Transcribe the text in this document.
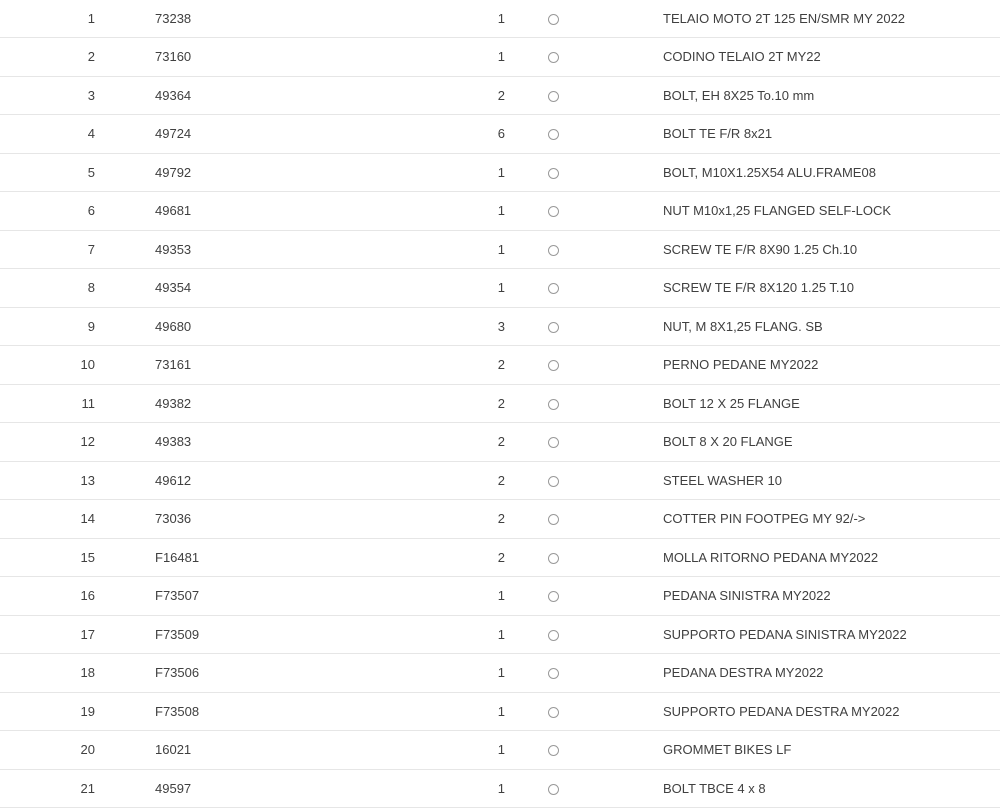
1	73238	1		TELAIO MOTO 2T 125 EN/SMR MY 2022
2	73160	1		CODINO TELAIO 2T MY22
3	49364	2		BOLT, EH 8X25 To.10 mm
4	49724	6		BOLT TE F/R 8x21
5	49792	1		BOLT, M10X1.25X54 ALU.FRAME08
6	49681	1		NUT M10x1,25 FLANGED SELF-LOCK
7	49353	1		SCREW TE F/R 8X90 1.25 Ch.10
8	49354	1		SCREW TE F/R 8X120 1.25 T.10
9	49680	3		NUT, M 8X1,25 FLANG. SB
10	73161	2		PERNO PEDANE MY2022
11	49382	2		BOLT 12 X 25 FLANGE
12	49383	2		BOLT 8 X 20 FLANGE
13	49612	2		STEEL WASHER 10
14	73036	2		COTTER PIN FOOTPEG MY 92/->
15	F16481	2		MOLLA RITORNO PEDANA MY2022
16	F73507	1		PEDANA SINISTRA MY2022
17	F73509	1		SUPPORTO PEDANA SINISTRA MY2022
18	F73506	1		PEDANA DESTRA MY2022
19	F73508	1		SUPPORTO PEDANA DESTRA MY2022
20	16021	1		GROMMET BIKES LF
21	49597	1		BOLT TBCE 4 x 8
